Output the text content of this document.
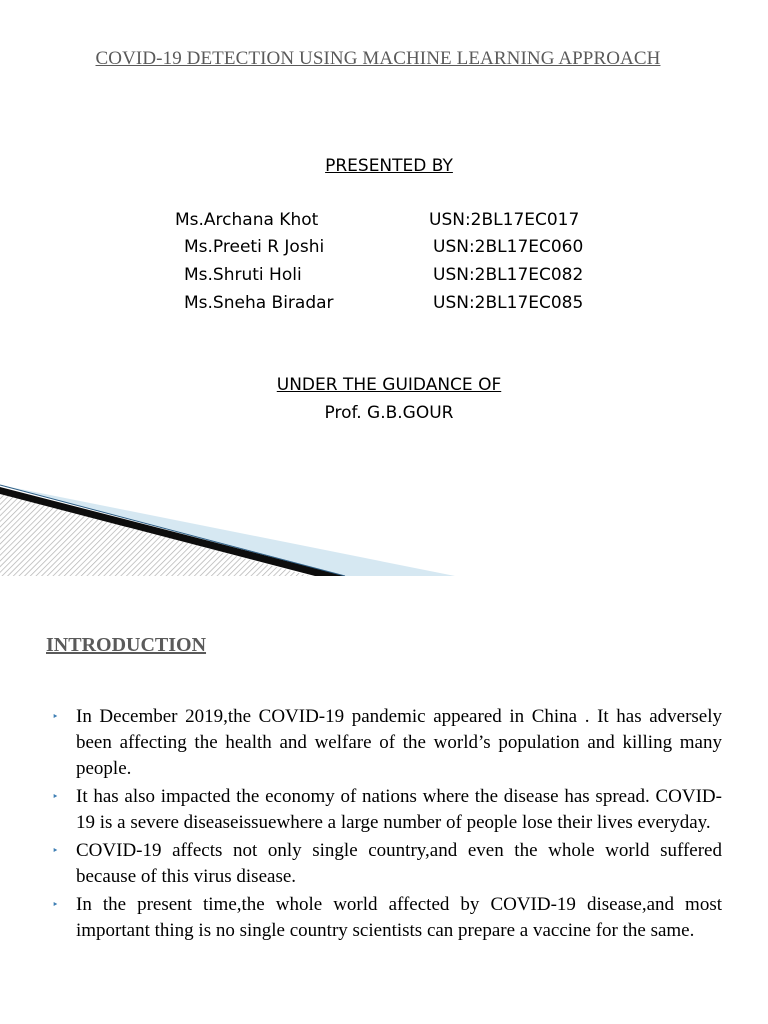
COVID-19 DETECTION USING MACHINE LEARNING APPROACH
PRESENTED BY
Ms.Archana Khot	USN:2BL17EC017
Ms.Preeti R Joshi	USN:2BL17EC060
Ms.Shruti Holi	USN:2BL17EC082
Ms.Sneha Biradar	USN:2BL17EC085
UNDER THE GUIDANCE OF
Prof. G.B.GOUR
INTRODUCTION
‣ In December 2019,the COVID-19 pandemic appeared in China . It has adversely been affecting the health and welfare of the world’s population and killing many people.
‣ It has also impacted the economy of nations where the disease has spread. COVID-19 is a severe diseaseissuewhere a large number of people lose their lives everyday.
‣ COVID-19 affects not only single country,and even the whole world suffered because of this virus disease.
‣ In the present time,the whole world affected by COVID-19 disease,and most important thing is no single country scientists can prepare a vaccine for the same.
